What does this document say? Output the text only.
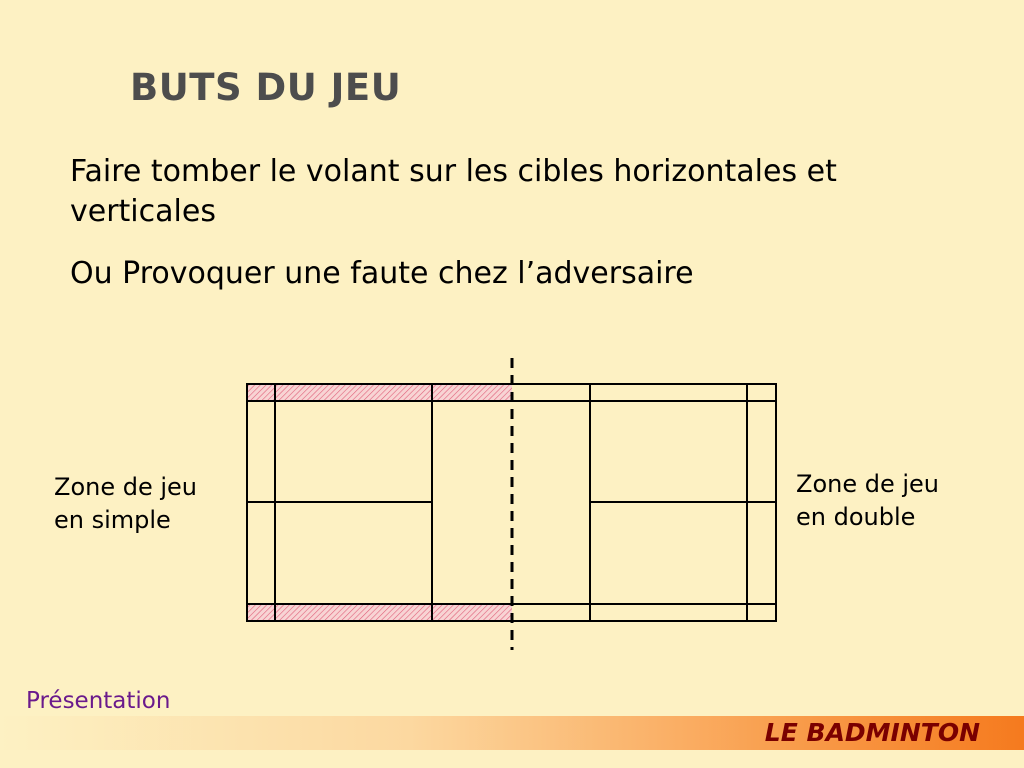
BUTS DU JEU
Faire tomber le volant sur les cibles horizontales et verticales
Ou Provoquer une faute chez l’adversaire
Zone de jeu en simple
Zone de jeu en double
Présentation
LE BADMINTON
